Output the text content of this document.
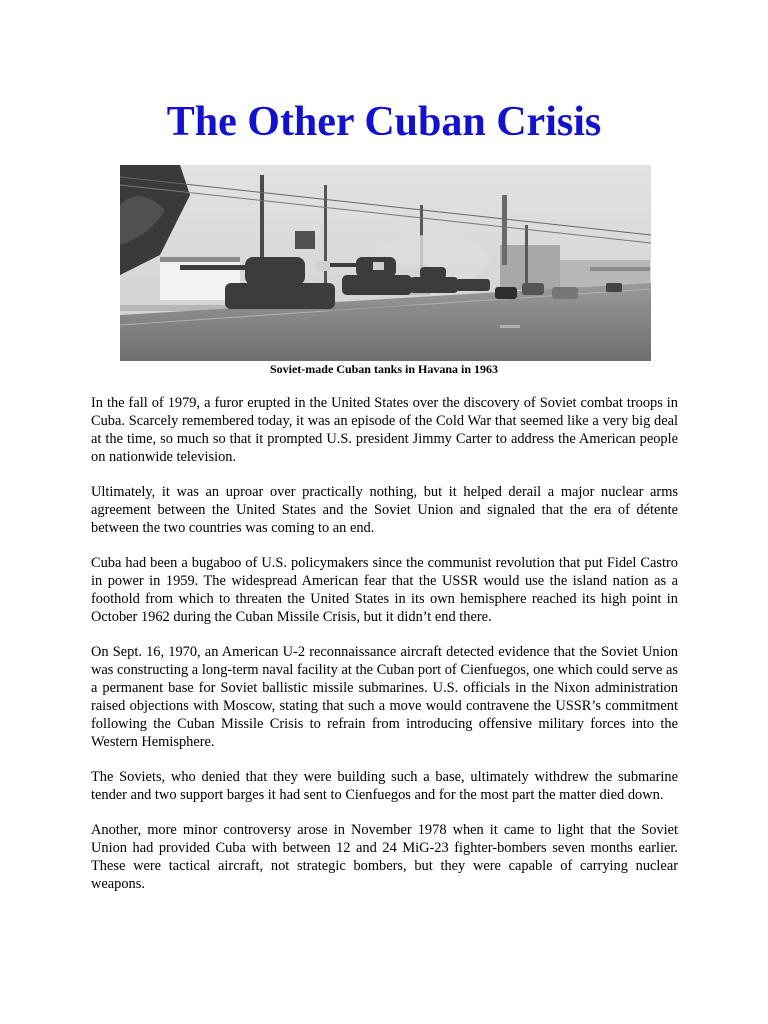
The Other Cuban Crisis

Soviet-made Cuban tanks in Havana in 1963

In the fall of 1979, a furor erupted in the United States over the discovery of Soviet combat troops in Cuba. Scarcely remembered today, it was an episode of the Cold War that seemed like a very big deal at the time, so much so that it prompted U.S. president Jimmy Carter to address the American people on nationwide television.

Ultimately, it was an uproar over practically nothing, but it helped derail a major nuclear arms agreement between the United States and the Soviet Union and signaled that the era of détente between the two countries was coming to an end.

Cuba had been a bugaboo of U.S. policymakers since the communist revolution that put Fidel Castro in power in 1959. The widespread American fear that the USSR would use the island nation as a foothold from which to threaten the United States in its own hemisphere reached its high point in October 1962 during the Cuban Missile Crisis, but it didn’t end there.

On Sept. 16, 1970, an American U-2 reconnaissance aircraft detected evidence that the Soviet Union was constructing a long-term naval facility at the Cuban port of Cienfuegos, one which could serve as a permanent base for Soviet ballistic missile submarines. U.S. officials in the Nixon administration raised objections with Moscow, stating that such a move would contravene the USSR’s commitment following the Cuban Missile Crisis to refrain from introducing offensive military forces into the Western Hemisphere.

The Soviets, who denied that they were building such a base, ultimately withdrew the submarine tender and two support barges it had sent to Cienfuegos and for the most part the matter died down.

Another, more minor controversy arose in November 1978 when it came to light that the Soviet Union had provided Cuba with between 12 and 24 MiG-23 fighter-bombers seven months earlier. These were tactical aircraft, not strategic bombers, but they were capable of carrying nuclear weapons.
